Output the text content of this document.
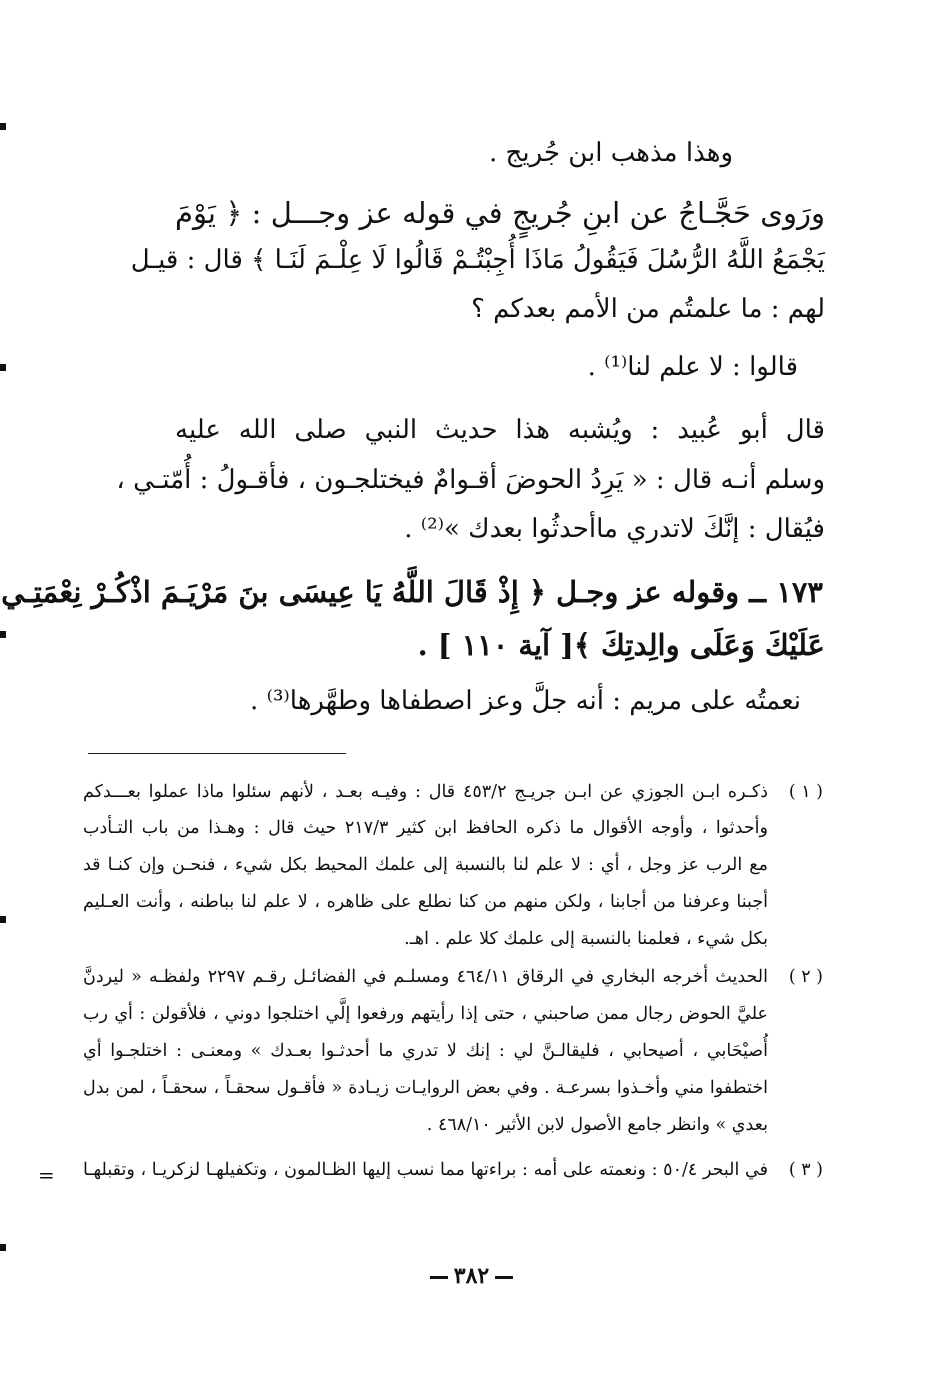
وهذا مذهب ابن جُريج .
ورَوى حَجَّـاجُ عن ابنِ جُريجٍ في قوله عز وجـــل : ﴿ يَوْمَ
يَجْمَعُ اللَّهُ الرُّسُلَ فَيَقُولُ مَاذَا أُجِبْتُـمْ قَالُوا لَا عِلْـمَ لَنَـا ﴾ قال : قيـل
لهم : ما علمتُم من الأمم بعدكم ؟
قالوا : لا علم لنا⁽¹⁾ .
قال أبو عُبيد : ويُشبه هذا حديث النبي صلى الله عليه
وسلم أنـه قال : « يَرِدُ الحوضَ أقـوامٌ فيختلجـون ، فأقـولُ : أُمّتـي ،
فيُقال : إنَّكَ لاتدري ماأحدثُوا بعدك »⁽²⁾ .
١٧٣ ــ وقوله عز وجـل ﴿ إِذْ قَالَ اللَّهُ يَا عِيسَى بنَ مَرْيَـمَ اذْكُـرْ نِعْمَتِـي
عَلَيْكَ وَعَلَى والِدتِكَ ﴾[ آية ١١٠ ] .
نعمتُه على مريم : أنه جلَّ وعز اصطفاها وطهَّرها⁽³⁾ .
( ١ )
ذكـره ابـن الجوزي عن ابـن جريـج ٤٥٣/٢ قال : وفيـه بعـد ، لأنهم سئلوا ماذا عملوا بعـــدكم
وأحدثوا ، وأوجه الأقوال ما ذكره الحافظ ابن كثير ٢١٧/٣ حيث قال : وهـذا من باب التـأدب
مع الرب عز وجل ، أي : لا علم لنا بالنسبة إلى علمك المحيط بكل شيء ، فنحـن وإن كنـا قد
أجبنا وعرفنا من أجابنا ، ولكن منهم من كنا نطلع على ظاهره ، لا علم لنا بباطنه ، وأنت العـليم
بكل شيء ، فعلمنا بالنسبة إلى علمك كلا علم . اهـ.
( ٢ )
الحديث أخرجه البخاري في الرقاق ٤٦٤/١١ ومسلـم في الفضائـل رقـم ٢٢٩٧ ولفظـه « ليردنَّ
عليَّ الحوض رجال ممن صاحبني ، حتى إذا رأيتهم ورفعوا إلَّي اختلجوا دوني ، فلأقولن : أي رب
أُصيْحَابي ، أصيحابي ، فليقالـنَّ لي : إنك لا تدري ما أحدثـوا بعـدك » ومعنـى : اختلجـوا أي
اختطفوا مني وأخـذوا بسرعـة . وفي بعض الروايـات زيـادة « فأقـول سحقـاً ، سحقـاً ، لمن بدل
بعدي » وانظر جامع الأصول لابن الأثير ٤٦٨/١٠ .
( ٣ )
في البحر ٥٠/٤ : ونعمته على أمه : براءتها مما نسب إليها الظـالمون ، وتكفيلهـا لزكريـا ، وتقبلهـا
=
٣٨٢
